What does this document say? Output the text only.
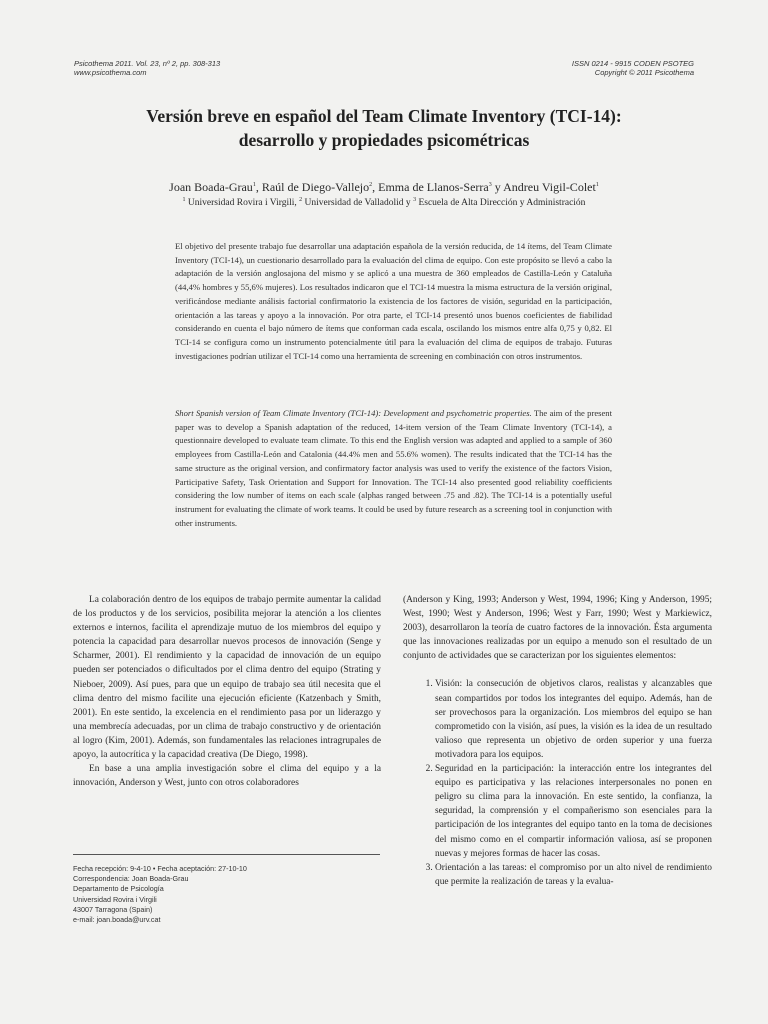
Psicothema 2011. Vol. 23, nº 2, pp. 308-313
www.psicothema.com
ISSN 0214 - 9915 CODEN PSOTEG
Copyright © 2011 Psicothema
Versión breve en español del Team Climate Inventory (TCI-14):
desarrollo y propiedades psicométricas
Joan Boada-Grau$^1$, Raúl de Diego-Vallejo$^2$, Emma de Llanos-Serra$^3$ y Andreu Vigil-Colet$^1$
$^1$ Universidad Rovira i Virgili, $^2$ Universidad de Valladolid y $^3$ Escuela de Alta Dirección y Administración
El objetivo del presente trabajo fue desarrollar una adaptación española de la versión reducida, de 14 ítems, del Team Climate Inventory (TCI-14), un cuestionario desarrollado para la evaluación del clima de equipo. Con este propósito se llevó a cabo la adaptación de la versión anglosajona del mismo y se aplicó a una muestra de 360 empleados de Castilla-León y Cataluña (44,4% hombres y 55,6% mujeres). Los resultados indicaron que el TCI-14 muestra la misma estructura de la versión original, verificándose mediante análisis factorial confirmatorio la existencia de los factores de visión, seguridad en la participación, orientación a las tareas y apoyo a la innovación. Por otra parte, el TCI-14 presentó unos buenos coeficientes de fiabilidad considerando en cuenta el bajo número de ítems que conforman cada escala, oscilando los mismos entre alfa 0,75 y 0,82. El TCI-14 se configura como un instrumento potencialmente útil para la evaluación del clima de equipos de trabajo. Futuras investigaciones podrían utilizar el TCI-14 como una herramienta de screening en combinación con otros instrumentos.
Short Spanish version of Team Climate Inventory (TCI-14): Development and psychometric properties. The aim of the present paper was to develop a Spanish adaptation of the reduced, 14-item version of the Team Climate Inventory (TCI-14), a questionnaire developed to evaluate team climate. To this end the English version was adapted and applied to a sample of 360 employees from Castilla-León and Catalonia (44.4% men and 55.6% women). The results indicated that the TCI-14 has the same structure as the original version, and confirmatory factor analysis was used to verify the existence of the factors Vision, Participative Safety, Task Orientation and Support for Innovation. The TCI-14 also presented good reliability coefficients considering the low number of items on each scale (alphas ranged between .75 and .82). The TCI-14 is a potentially useful instrument for evaluating the climate of work teams. It could be used by future research as a screening tool in conjunction with other instruments.

La colaboración dentro de los equipos de trabajo permite aumentar la calidad de los productos y de los servicios, posibilita mejorar la atención a los clientes externos e internos, facilita el aprendizaje mutuo de los miembros del equipo y potencia la capacidad para desarrollar nuevos procesos de innovación (Senge y Scharmer, 2001). El rendimiento y la capacidad de innovación de un equipo pueden ser potenciados o dificultados por el clima dentro del equipo (Strating y Nieboer, 2009). Así pues, para que un equipo de trabajo sea útil necesita que el clima dentro del mismo facilite una ejecución eficiente (Katzenbach y Smith, 2001). En este sentido, la excelencia en el rendimiento pasa por un liderazgo y una membrecía adecuadas, por un clima de trabajo constructivo y de orientación al logro (Kim, 2001). Además, son fundamentales las relaciones intragrupales de apoyo, la autocrítica y la capacidad creativa (De Diego, 1998).

En base a una amplia investigación sobre el clima del equipo y a la innovación, Anderson y West, junto con otros colaboradores

(Anderson y King, 1993; Anderson y West, 1994, 1996; King y Anderson, 1995; West, 1990; West y Anderson, 1996; West y Farr, 1990; West y Markiewicz, 2003), desarrollaron la teoría de cuatro factores de la innovación. Ésta argumenta que las innovaciones realizadas por un equipo a menudo son el resultado de un conjunto de actividades que se caracterizan por los siguientes elementos:

1. Visión: la consecución de objetivos claros, realistas y alcanzables que sean compartidos por todos los integrantes del equipo. Además, han de ser provechosos para la organización. Los miembros del equipo se han comprometido con la visión, así pues, la visión es la idea de un resultado valioso que representa un objetivo de orden superior y una fuerza motivadora para los equipos.
2. Seguridad en la participación: la interacción entre los integrantes del equipo es participativa y las relaciones interpersonales no ponen en peligro su clima para la innovación. En este sentido, la confianza, la seguridad, la comprensión y el compañerismo son esenciales para la participación de los integrantes del equipo tanto en la toma de decisiones del mismo como en el compartir información valiosa, así se proponen nuevas y mejores formas de hacer las cosas.
3. Orientación a las tareas: el compromiso por un alto nivel de rendimiento que permite la realización de tareas y la evalua-
Fecha recepción: 9-4-10 • Fecha aceptación: 27-10-10
Correspondencia: Joan Boada-Grau
Departamento de Psicología
Universidad Rovira i Virgili
43007 Tarragona (Spain)
e-mail: joan.boada@urv.cat
